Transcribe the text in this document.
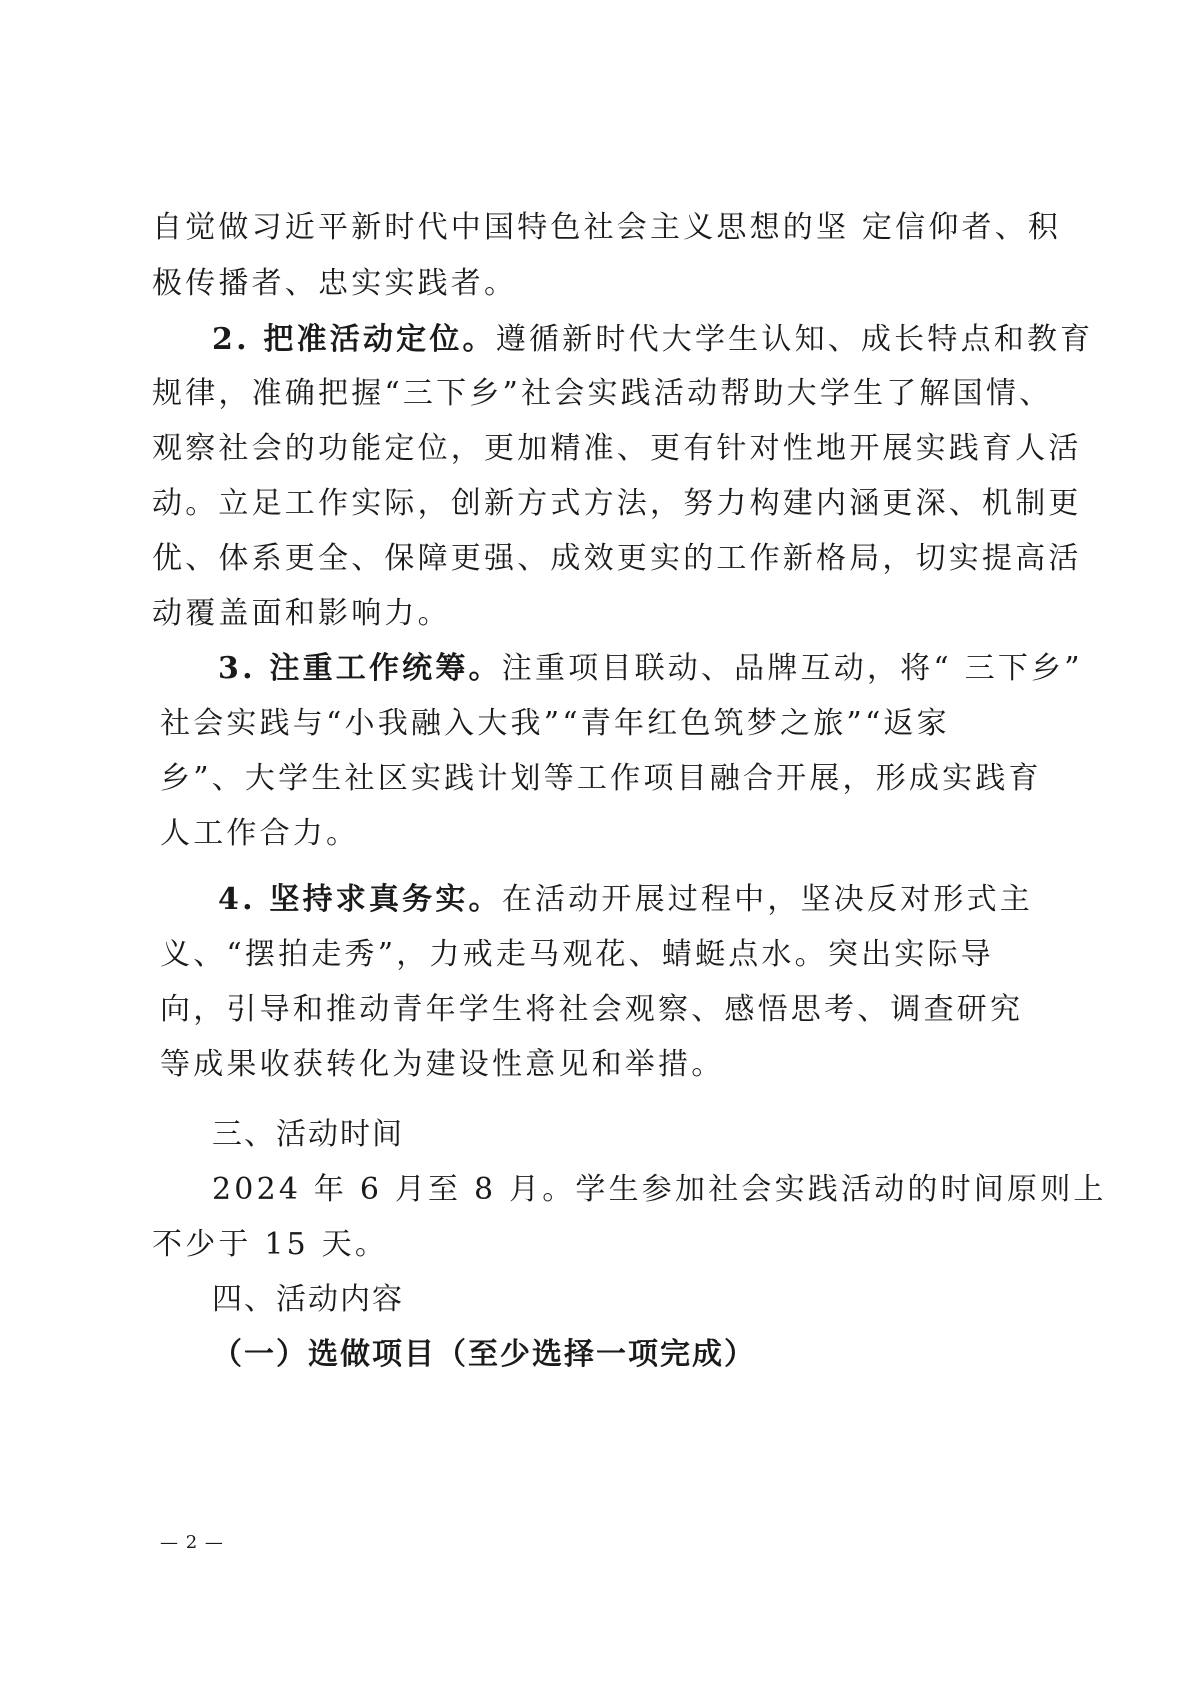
自觉做习近平新时代中国特色社会主义思想的坚 定信仰者、积
极传播者、忠实实践者。
2. 把准活动定位。遵循新时代大学生认知、成长特点和教育
规律，准确把握“三下乡”社会实践活动帮助大学生了解国情、
观察社会的功能定位，更加精准、更有针对性地开展实践育人活
动。立足工作实际，创新方式方法，努力构建内涵更深、机制更
优、体系更全、保障更强、成效更实的工作新格局，切实提高活
动覆盖面和影响力。
3. 注重工作统筹。注重项目联动、品牌互动，将“ 三下乡”
社会实践与“小我融入大我”“青年红色筑梦之旅”“返家
乡”、大学生社区实践计划等工作项目融合开展，形成实践育
人工作合力。
4. 坚持求真务实。在活动开展过程中，坚决反对形式主
义、“摆拍走秀”，力戒走马观花、蜻蜓点水。突出实际导
向，引导和推动青年学生将社会观察、感悟思考、调查研究
等成果收获转化为建设性意见和举措。
三、活动时间
2024 年 6 月至 8 月。学生参加社会实践活动的时间原则上
不少于 15 天。
四、活动内容
（一）选做项目（至少选择一项完成）
— 2 —
